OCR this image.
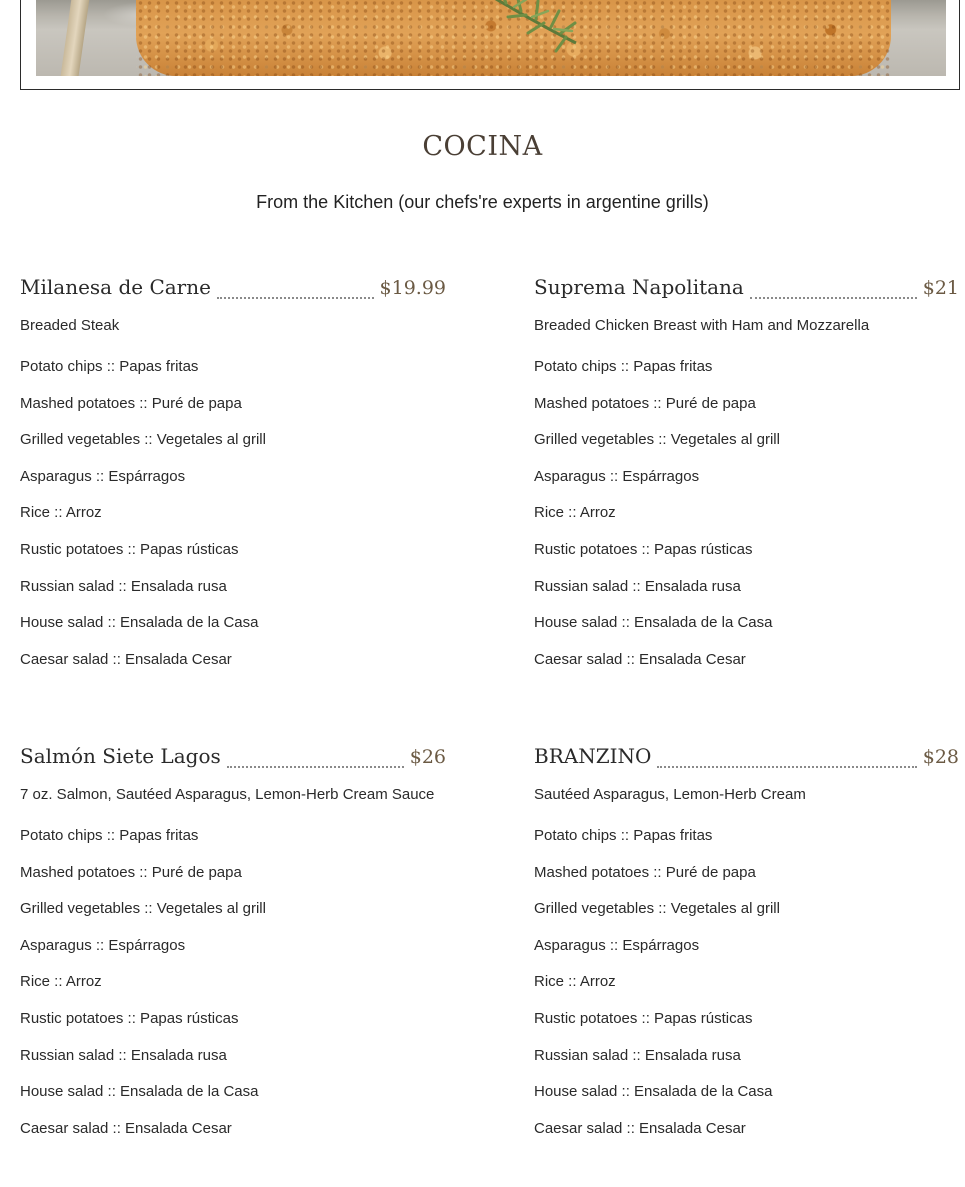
COCINA

From the Kitchen (our chefs're experts in argentine grills)

Milanesa de Carne	$19.99

Breaded Steak

Potato chips :: Papas fritas
Mashed potatoes :: Puré de papa
Grilled vegetables :: Vegetales al grill
Asparagus :: Espárragos
Rice :: Arroz
Rustic potatoes :: Papas rústicas
Russian salad :: Ensalada rusa
House salad :: Ensalada de la Casa
Caesar salad :: Ensalada Cesar
Suprema Napolitana	$21

Breaded Chicken Breast with Ham and Mozzarella

Potato chips :: Papas fritas
Mashed potatoes :: Puré de papa
Grilled vegetables :: Vegetales al grill
Asparagus :: Espárragos
Rice :: Arroz
Rustic potatoes :: Papas rústicas
Russian salad :: Ensalada rusa
House salad :: Ensalada de la Casa
Caesar salad :: Ensalada Cesar
Salmón Siete Lagos	$26

7 oz. Salmon, Sautéed Asparagus, Lemon-Herb Cream Sauce

Potato chips :: Papas fritas
Mashed potatoes :: Puré de papa
Grilled vegetables :: Vegetales al grill
Asparagus :: Espárragos
Rice :: Arroz
Rustic potatoes :: Papas rústicas
Russian salad :: Ensalada rusa
House salad :: Ensalada de la Casa
Caesar salad :: Ensalada Cesar
BRANZINO	$28

Sautéed Asparagus, Lemon-Herb Cream

Potato chips :: Papas fritas
Mashed potatoes :: Puré de papa
Grilled vegetables :: Vegetales al grill
Asparagus :: Espárragos
Rice :: Arroz
Rustic potatoes :: Papas rústicas
Russian salad :: Ensalada rusa
House salad :: Ensalada de la Casa
Caesar salad :: Ensalada Cesar
